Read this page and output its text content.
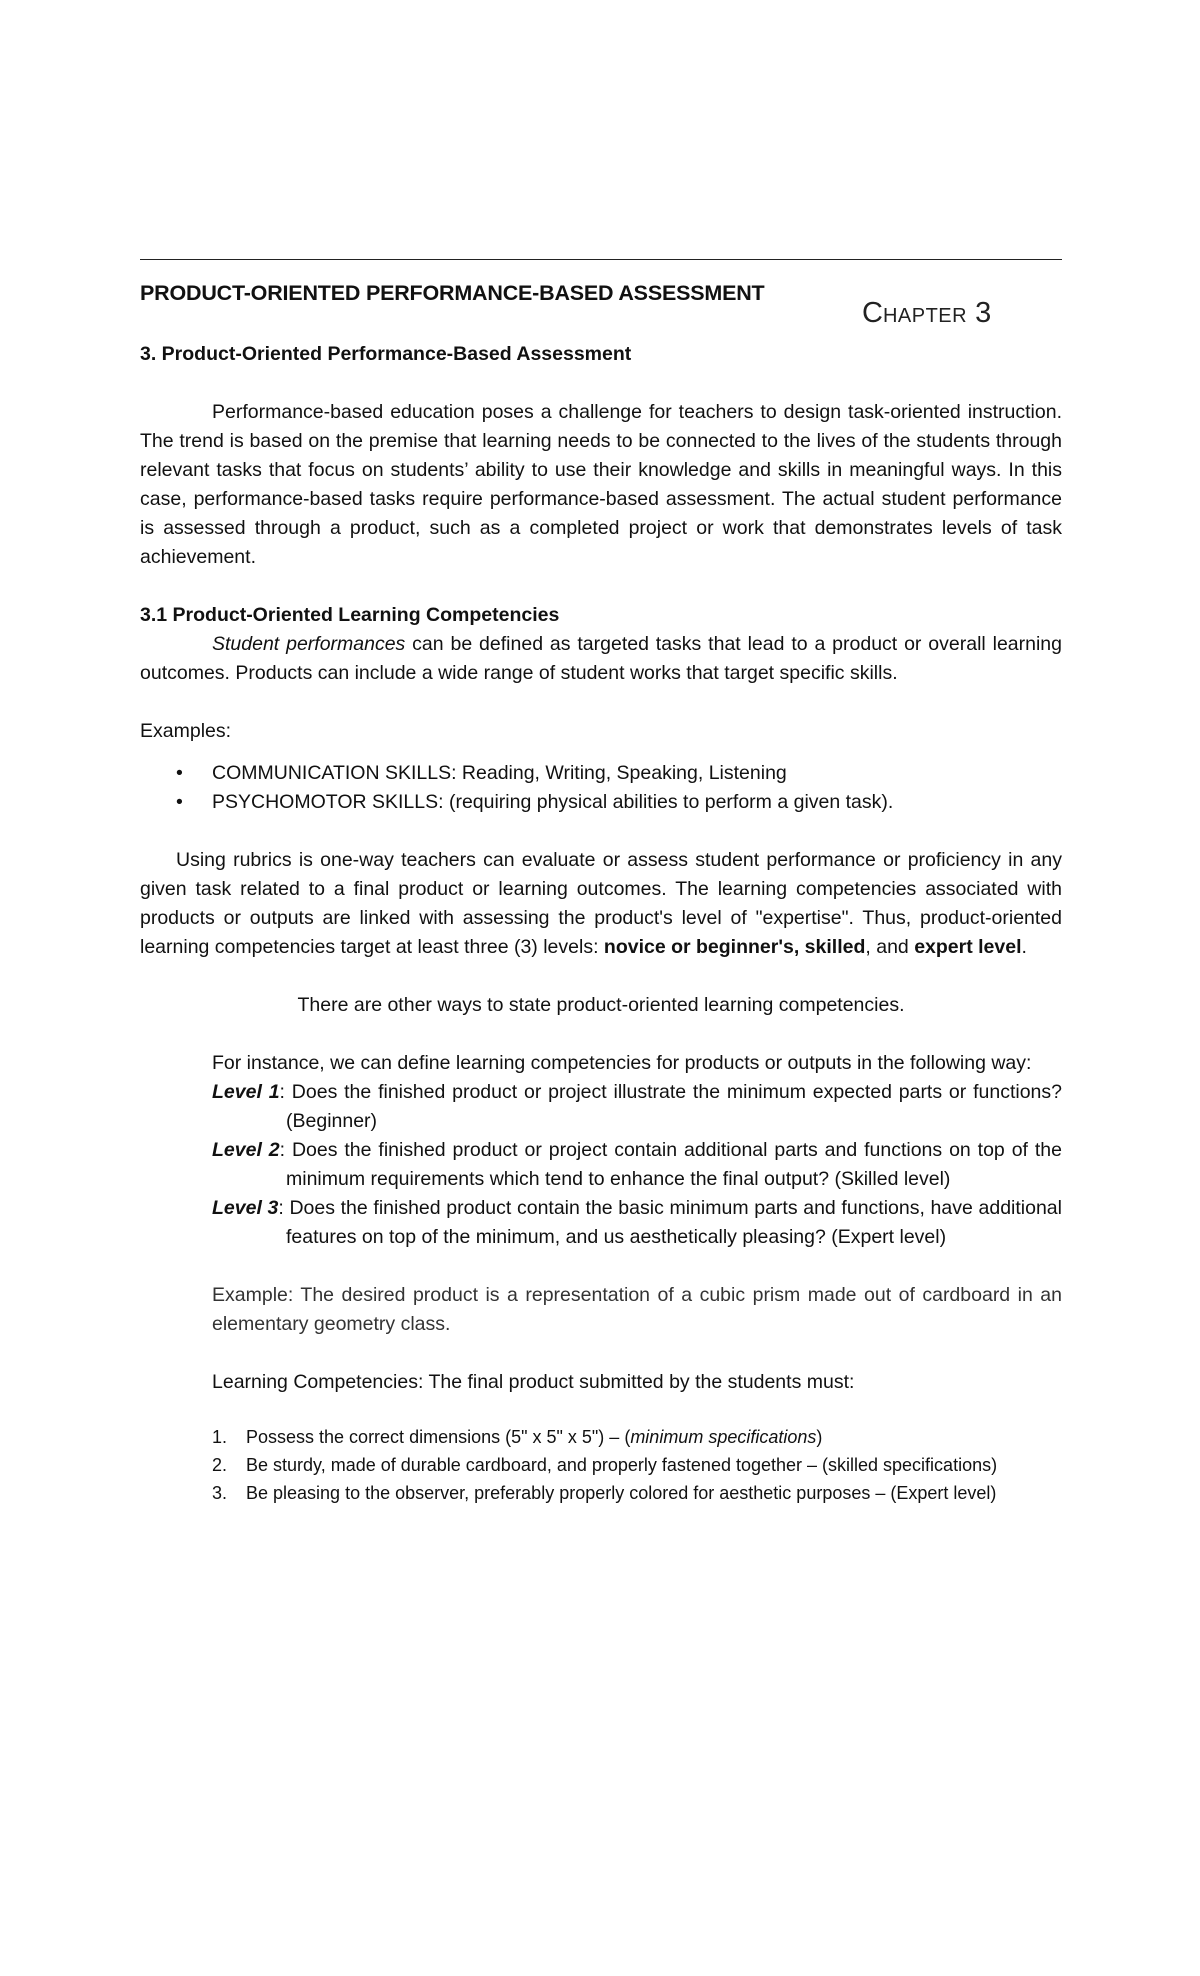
PRODUCT-ORIENTED PERFORMANCE-BASED ASSESSMENT
CHAPTER 3

3. Product-Oriented Performance-Based Assessment

Performance-based education poses a challenge for teachers to design task-oriented instruction. The trend is based on the premise that learning needs to be connected to the lives of the students through relevant tasks that focus on students’ ability to use their knowledge and skills in meaningful ways. In this case, performance-based tasks require performance-based assessment. The actual student performance is assessed through a product, such as a completed project or work that demonstrates levels of task achievement.

3.1 Product-Oriented Learning Competencies

Student performances can be defined as targeted tasks that lead to a product or overall learning outcomes. Products can include a wide range of student works that target specific skills.

Examples:

• COMMUNICATION SKILLS: Reading, Writing, Speaking, Listening
• PSYCHOMOTOR SKILLS: (requiring physical abilities to perform a given task).

Using rubrics is one-way teachers can evaluate or assess student performance or proficiency in any given task related to a final product or learning outcomes. The learning competencies associated with products or outputs are linked with assessing the product's level of "expertise". Thus, product-oriented learning competencies target at least three (3) levels: novice or beginner's, skilled, and expert level.

There are other ways to state product-oriented learning competencies.

For instance, we can define learning competencies for products or outputs in the following way:

Level 1: Does the finished product or project illustrate the minimum expected parts or functions? (Beginner)

Level 2: Does the finished product or project contain additional parts and functions on top of the minimum requirements which tend to enhance the final output? (Skilled level)

Level 3: Does the finished product contain the basic minimum parts and functions, have additional features on top of the minimum, and us aesthetically pleasing? (Expert level)

Example: The desired product is a representation of a cubic prism made out of cardboard in an elementary geometry class.

Learning Competencies: The final product submitted by the students must:

1. Possess the correct dimensions (5" x 5" x 5") – (minimum specifications)
2. Be sturdy, made of durable cardboard, and properly fastened together – (skilled specifications)
3. Be pleasing to the observer, preferably properly colored for aesthetic purposes – (Expert level)
